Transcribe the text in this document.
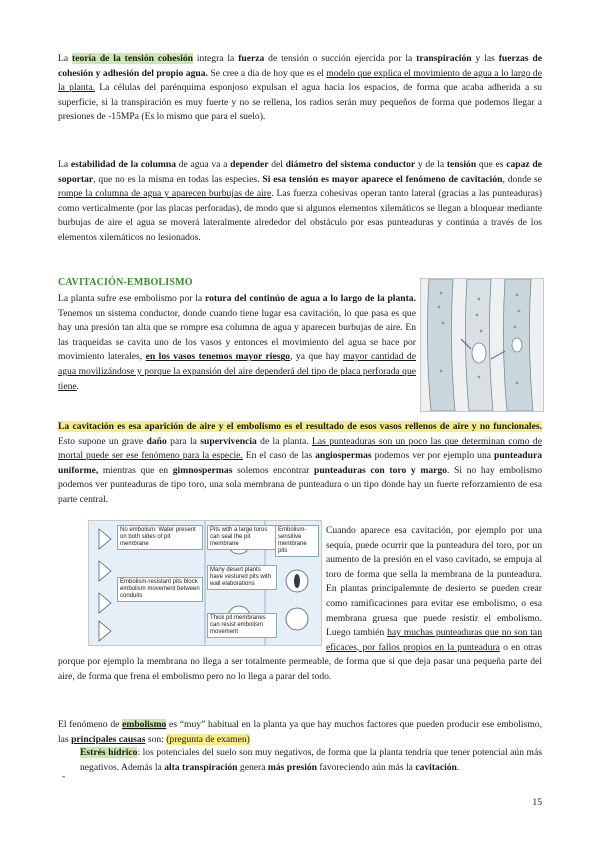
La teoría de la tensión cohesión integra la fuerza de tensión o succión ejercida por la transpiración y las fuerzas de cohesión y adhesión del propio agua. Se cree a día de hoy que es el modelo que explica el movimiento de agua a lo largo de la planta. La células del parénquima esponjoso expulsan el agua hacia los espacios, de forma que acaba adherida a su superficie, si la transpiración es muy fuerte y no se rellena, los radios serán muy pequeños de forma que podemos llegar a presiones de -15MPa (Es lo mismo que para el suelo).

La estabilidad de la columna de agua va a depender del diámetro del sistema conductor y de la tensión que es capaz de soportar, que no es la misma en todas las especies. Si esa tensión es mayor aparece el fenómeno de cavitación, donde se rompe la columna de agua y aparecen burbujas de aire. Las fuerza cohesivas operan tanto lateral (gracias a las punteaduras) como verticalmente (por las placas perforadas), de modo que si algunos elementos xilemáticos se llegan a bloquear mediante burbujas de aire el agua se moverá lateralmente alrededor del obstáculo por esas punteaduras y continúa a través de los elementos xilemáticos no lesionados.

CAVITACIÓN-EMBOLISMO

La planta sufre ese embolismo por la rotura del continúo de agua a lo largo de la planta. Tenemos un sistema conductor, donde cuando tiene lugar esa cavitación, lo que pasa es que hay una presión tan alta que se rompre esa columna de agua y aparecen burbujas de aire. En las traqueidas se cavita uno de los vasos y entonces el movimiento del agua se hace por movimiento laterales, en los vasos tenemos mayor riesgo, ya que hay mayor cantidad de agua movilizándose y porque la expansión del aire dependerá del tipo de placa perforada que tiene.

La cavitación es esa aparición de aire y el embolismo es el resultado de esos vasos rellenos de aire y no funcionales. Esto supone un grave daño para la supervivencia de la planta. Las punteaduras son un poco las que determinan como de mortal puede ser ese fenómeno para la especie. En el caso de las angiospermas podemos ver por ejemplo una punteadura uniforme, mientras que en gimnospermas solemos encontrar punteaduras con toro y margo. Si no hay embolismo podemos ver punteaduras de tipo toro, una sola membrana de punteadura o un tipo donde hay un fuerte reforzamiento de esa parte central.

No embolism: Water present on both sides of pit membrane
Embolism-resistant pits block embolism movement between conduits
Pits with a large torus can seal the pit membrane
Many desert plants have vestured pits with wall elaborations
Thick pit membranes can resist embolism movement
Embolism-sensitive membrane pits
Cuando aparece esa cavitación, por ejemplo por una sequía, puede ocurrir que la punteadura del toro, por un aumento de la presión en el vaso cavitado, se empuja al toro de forma que sella la membrana de la punteadura. En plantas principalemnte de desierto se pueden crear como ramificaciones para evitar ese embolismo, o esa membrana gruesa que puede resistir el embolismo. Luego también hay muchas punteaduras que no son tan eficaces, por fallos propios en la punteadura o en otras porque por ejemplo la membrana no llega a ser totalmente permeable, de forma que si que deja pasar una pequeña parte del aire, de forma que frena el embolismo pero no lo llega a parar del todo.

El fenómeno de embolismo es “muy” habitual en la planta ya que hay muchos factores que pueden producir ese embolismo, las principales causas son: (pregunta de examen)

-

Estrés hídrico: los potenciales del suelo son muy negativos, de forma que la planta tendría que tener potencial aún más negativos. Además la alta transpiración genera más presión favoreciendo aún más la cavitación.

15
